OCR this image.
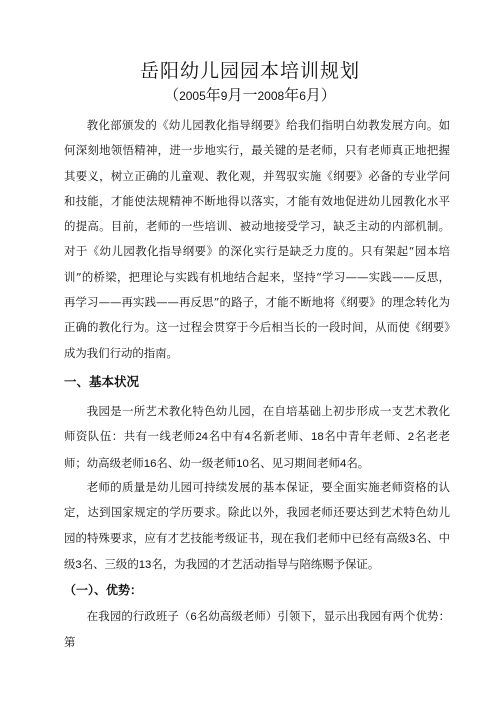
岳阳幼儿园园本培训规划
（2005年9月一2008年6月）

教化部颁发的《幼儿园教化指导纲要》给我们指明白幼教发展方向。如何深刻地领悟精神，进一步地实行，最关键的是老师，只有老师真正地把握其要义，树立正确的儿童观、教化观，并驾驭实施《纲要》必备的专业学问和技能，才能使法规精神不断地得以落实，才能有效地促进幼儿园教化水平的提高。目前，老师的一些培训、被动地接受学习，缺乏主动的内部机制。对于《幼儿园教化指导纲要》的深化实行是缺乏力度的。只有架起“园本培训”的桥梁，把理论与实践有机地结合起来，坚持“学习——实践——反思，再学习——再实践——再反思”的路子，才能不断地将《纲要》的理念转化为正确的教化行为。这一过程会贯穿于今后相当长的一段时间，从而使《纲要》成为我们行动的指南。

一、基本状况

我园是一所艺术教化特色幼儿园，在自培基础上初步形成一支艺术教化师资队伍：共有一线老师24名中有4名新老师、18名中青年老师、2名老老师；幼高级老师16名、幼一级老师10名、见习期间老师4名。

老师的质量是幼儿园可持续发展的基本保证，要全面实施老师资格的认定，达到国家规定的学历要求。除此以外，我园老师还要达到艺术特色幼儿园的特殊要求，应有才艺技能考级证书，现在我们老师中已经有高级3名、中级3名、三级的13名，为我园的才艺活动指导与陪练赐予保证。

（一）、优势：

在我园的行政班子（6名幼高级老师）引领下，显示出我园有两个优势：第
